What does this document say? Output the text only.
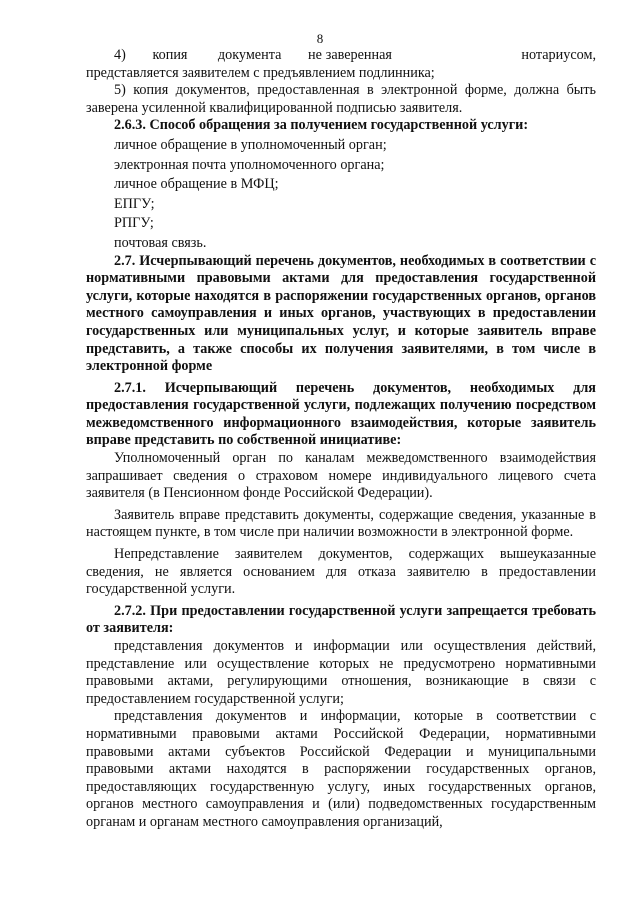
8

4)       копия        документа       не заверенная                                  нотариусом, представляется заявителем с предъявлением подлинника;

5) копия документов, предоставленная в электронной форме, должна быть заверена усиленной квалифицированной подписью заявителя.

2.6.3. Способ обращения за получением государственной услуги:

личное обращение в уполномоченный орган;

электронная почта уполномоченного органа;

личное обращение в МФЦ;

ЕПГУ;

РПГУ;

почтовая связь.

2.7. Исчерпывающий перечень документов, необходимых в соответствии с нормативными правовыми актами для предоставления государственной услуги, которые находятся в распоряжении государственных органов, органов местного самоуправления и иных органов, участвующих в предоставлении государственных или муниципальных услуг, и которые заявитель вправе представить, а также способы их получения заявителями, в том числе в электронной форме

2.7.1. Исчерпывающий перечень документов, необходимых для предоставления государственной услуги, подлежащих получению посредством межведомственного информационного взаимодействия, которые заявитель вправе представить по собственной инициативе:

Уполномоченный орган по каналам межведомственного взаимодействия запрашивает сведения о страховом номере индивидуального лицевого счета заявителя (в Пенсионном фонде Российской Федерации).

Заявитель вправе представить документы, содержащие сведения, указанные в настоящем пункте, в том числе при наличии возможности в электронной форме.

Непредставление заявителем документов, содержащих вышеуказанные сведения, не является основанием для отказа заявителю в предоставлении государственной услуги.

2.7.2. При предоставлении государственной услуги запрещается требовать от заявителя:

представления документов и информации или осуществления действий, представление или осуществление которых не предусмотрено нормативными правовыми актами, регулирующими отношения, возникающие в связи с предоставлением государственной услуги;

представления документов и информации, которые в соответствии с нормативными правовыми актами Российской Федерации, нормативными правовыми актами субъектов Российской Федерации и муниципальными правовыми актами находятся в распоряжении государственных органов, предоставляющих государственную услугу, иных государственных органов, органов местного самоуправления и (или) подведомственных государственным органам и органам местного самоуправления организаций,
